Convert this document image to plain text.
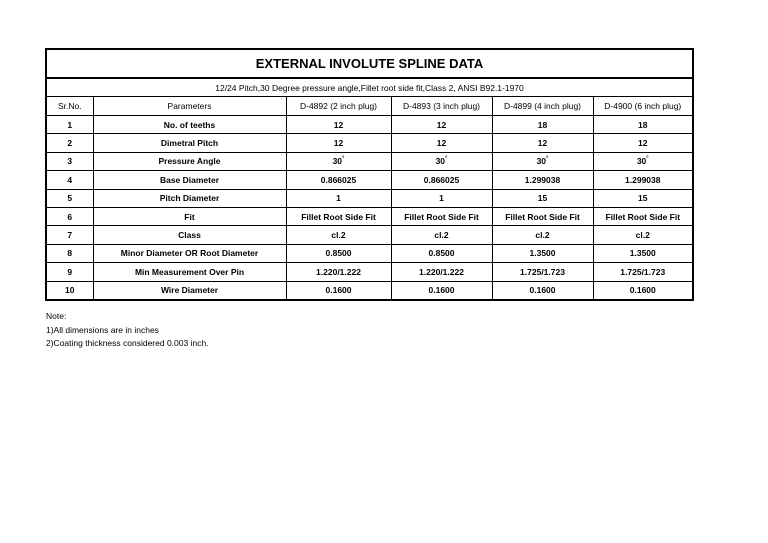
EXTERNAL INVOLUTE SPLINE DATA					
12/24 Pitch,30 Degree pressure angle,Fillet root side fit,Class 2, ANSI B92.1-1970					
Sr.No.	Parameters	D-4892 (2 inch plug)	D-4893 (3 inch plug)	D-4899 (4 inch plug)	D-4900 (6 inch plug)
1	No. of teeths	12	12	18	18
2	Dimetral Pitch	12	12	12	12
3	Pressure Angle	30°	30°	30°	30°
4	Base Diameter	0.866025	0.866025	1.299038	1.299038
5	Pitch Diameter	1	1	15	15
6	Fit	Fillet Root Side Fit	Fillet Root Side Fit	Fillet Root Side Fit	Fillet Root Side Fit
7	Class	cl.2	cl.2	cl.2	cl.2
8	Minor Diameter OR Root Diameter	0.8500	0.8500	1.3500	1.3500
9	Min Measurement Over Pin	1.220/1.222	1.220/1.222	1.725/1.723	1.725/1.723
10	Wire Diameter	0.1600	0.1600	0.1600	0.1600
Note:
1)All dimensions are in inches
2)Coating thickness considered 0.003 inch.
